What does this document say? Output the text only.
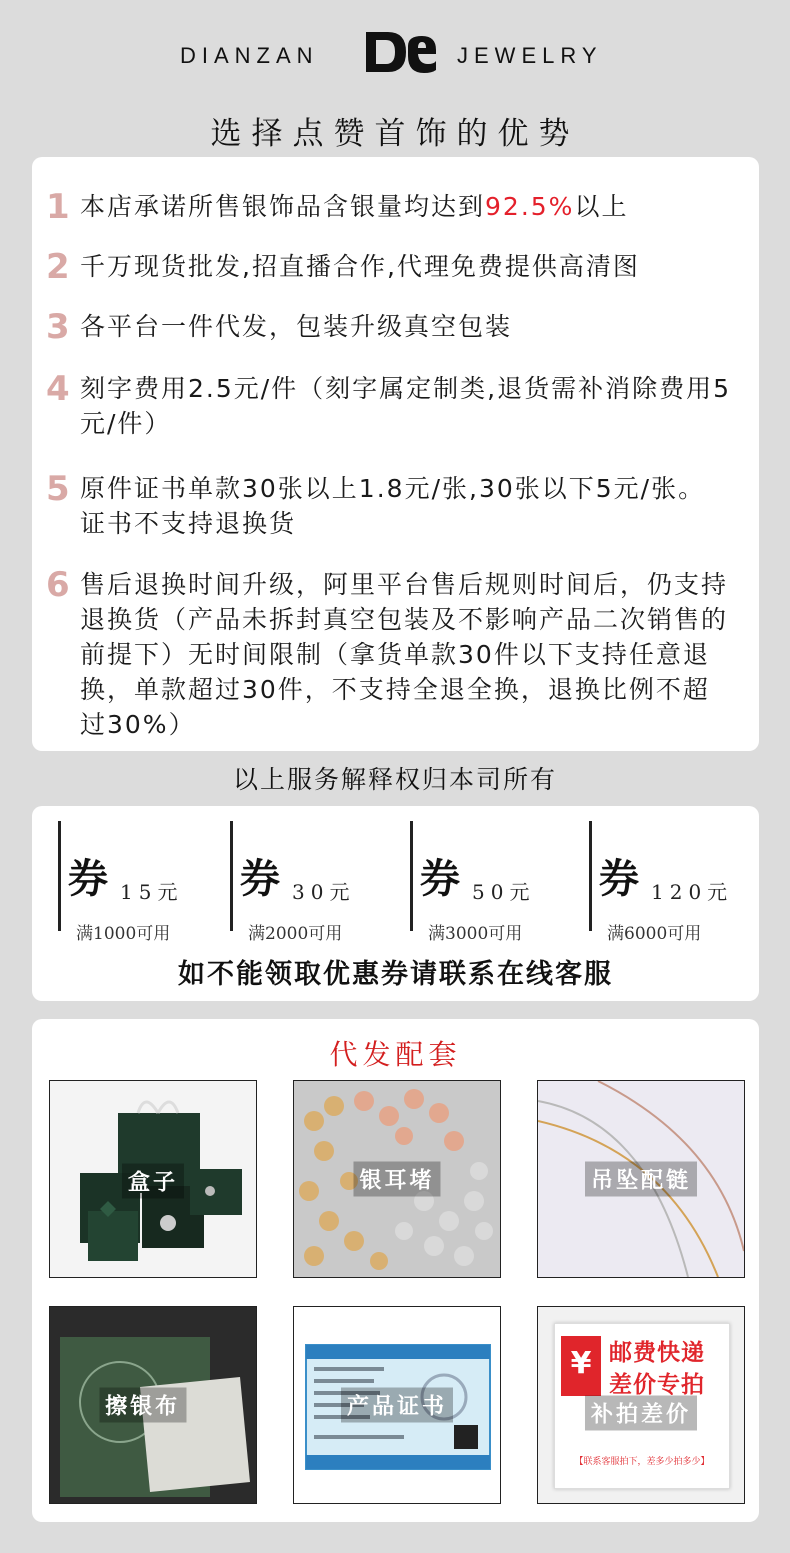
DIANZAN	JEWELRY
选择点赞首饰的优势
1 本店承诺所售银饰品含银量均达到92.5%以上
2 千万现货批发,招直播合作,代理免费提供高清图
3 各平台一件代发，包装升级真空包装
4 刻字费用2.5元/件（刻字属定制类,退货需补消除费用5元/件）
5 原件证书单款30张以上1.8元/张,30张以下5元/张。证书不支持退换货
6 售后退换时间升级，阿里平台售后规则时间后，仍支持退换货（产品未拆封真空包装及不影响产品二次销售的前提下）无时间限制（拿货单款30件以下支持任意退换，单款超过30件，不支持全退全换，退换比例不超过30%）
以上服务解释权归本司所有
券 15元
满1000可用
券 30元
满2000可用
券 50元
满3000可用
券 120元
满6000可用
如不能领取优惠券请联系在线客服
代发配套
盒子	银耳堵	吊坠配链
擦银布	产品证书
¥ 邮费快递
差价专拍
【联系客服拍下，差多少拍多少】
补拍差价
